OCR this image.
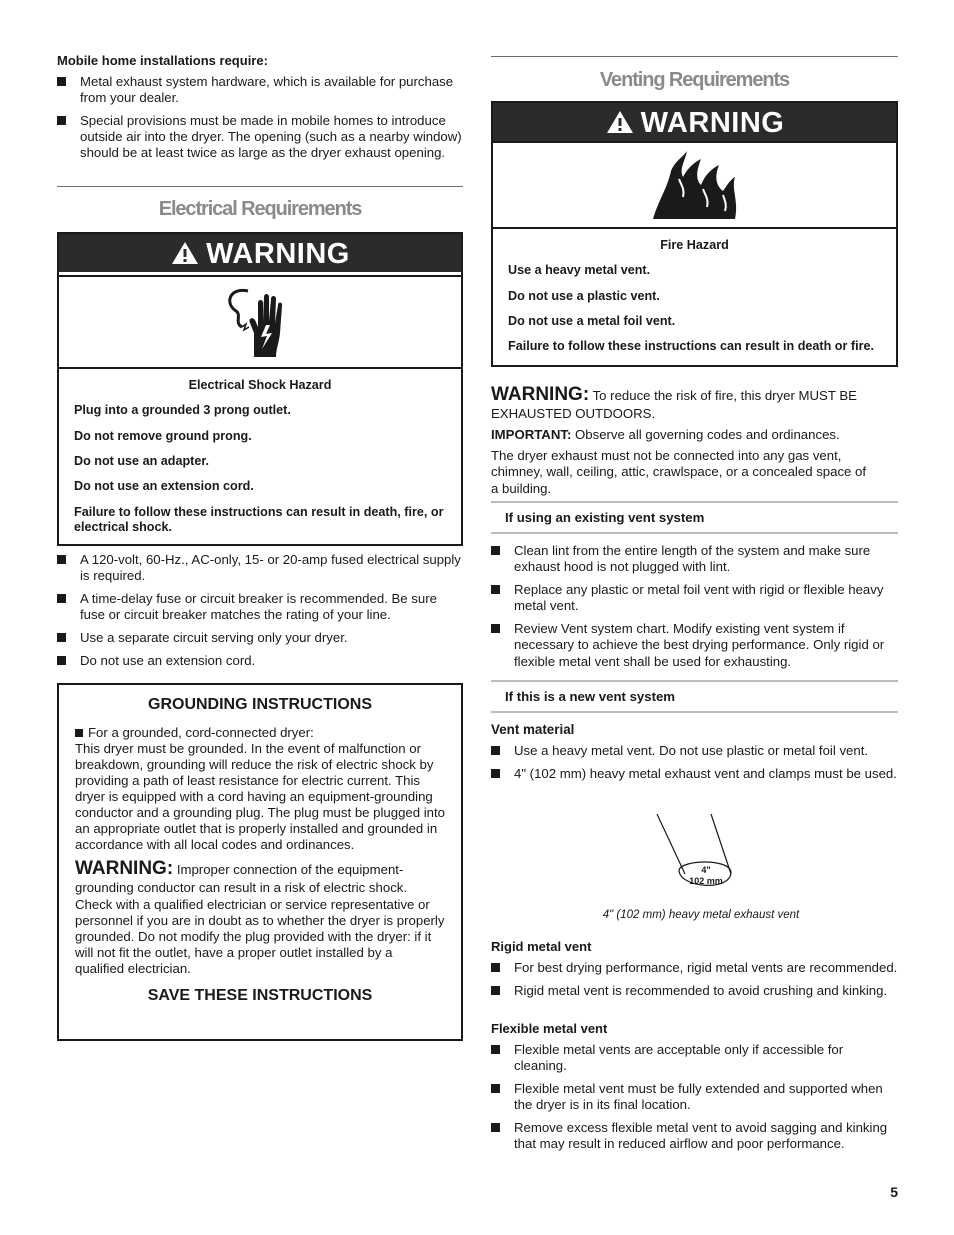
Mobile home installations require:

Metal exhaust system hardware, which is available for purchase from your dealer.
Special provisions must be made in mobile homes to introduce outside air into the dryer. The opening (such as a nearby window) should be at least twice as large as the dryer exhaust opening.
Electrical Requirements
WARNING

Electrical Shock Hazard

Plug into a grounded 3 prong outlet.

Do not remove ground prong.

Do not use an adapter.

Do not use an extension cord.

Failure to follow these instructions can result in death, fire, or electrical shock.

A 120-volt, 60-Hz., AC-only, 15- or 20-amp fused electrical supply is required.
A time-delay fuse or circuit breaker is recommended. Be sure fuse or circuit breaker matches the rating of your line.
Use a separate circuit serving only your dryer.
Do not use an extension cord.
GROUNDING INSTRUCTIONS

For a grounded, cord-connected dryer:

This dryer must be grounded. In the event of malfunction or breakdown, grounding will reduce the risk of electric shock by providing a path of least resistance for electric current. This dryer is equipped with a cord having an equipment-grounding conductor and a grounding plug. The plug must be plugged into an appropriate outlet that is properly installed and grounded in accordance with all local codes and ordinances.

WARNING: Improper connection of the equipment-grounding conductor can result in a risk of electric shock. Check with a qualified electrician or service representative or personnel if you are in doubt as to whether the dryer is properly grounded. Do not modify the plug provided with the dryer: if it will not fit the outlet, have a proper outlet installed by a qualified electrician.

SAVE THESE INSTRUCTIONS
Venting Requirements
WARNING

Fire Hazard

Use a heavy metal vent.

Do not use a plastic vent.

Do not use a metal foil vent.

Failure to follow these instructions can result in death or fire.

WARNING: To reduce the risk of fire, this dryer MUST BE EXHAUSTED OUTDOORS.

IMPORTANT: Observe all governing codes and ordinances.

The dryer exhaust must not be connected into any gas vent, chimney, wall, ceiling, attic, crawlspace, or a concealed space of a building.

If using an existing vent system

Clean lint from the entire length of the system and make sure exhaust hood is not plugged with lint.
Replace any plastic or metal foil vent with rigid or flexible heavy metal vent.
Review Vent system chart. Modify existing vent system if necessary to achieve the best drying performance. Only rigid or flexible metal vent shall be used for exhausting.

If this is a new vent system

Vent material

Use a heavy metal vent. Do not use plastic or metal foil vent.
4" (102 mm) heavy metal exhaust vent and clamps must be used.
4"
102 mm

4" (102 mm) heavy metal exhaust vent

Rigid metal vent

For best drying performance, rigid metal vents are recommended.
Rigid metal vent is recommended to avoid crushing and kinking.

Flexible metal vent

Flexible metal vents are acceptable only if accessible for cleaning.
Flexible metal vent must be fully extended and supported when the dryer is in its final location.
Remove excess flexible metal vent to avoid sagging and kinking that may result in reduced airflow and poor performance.
5
